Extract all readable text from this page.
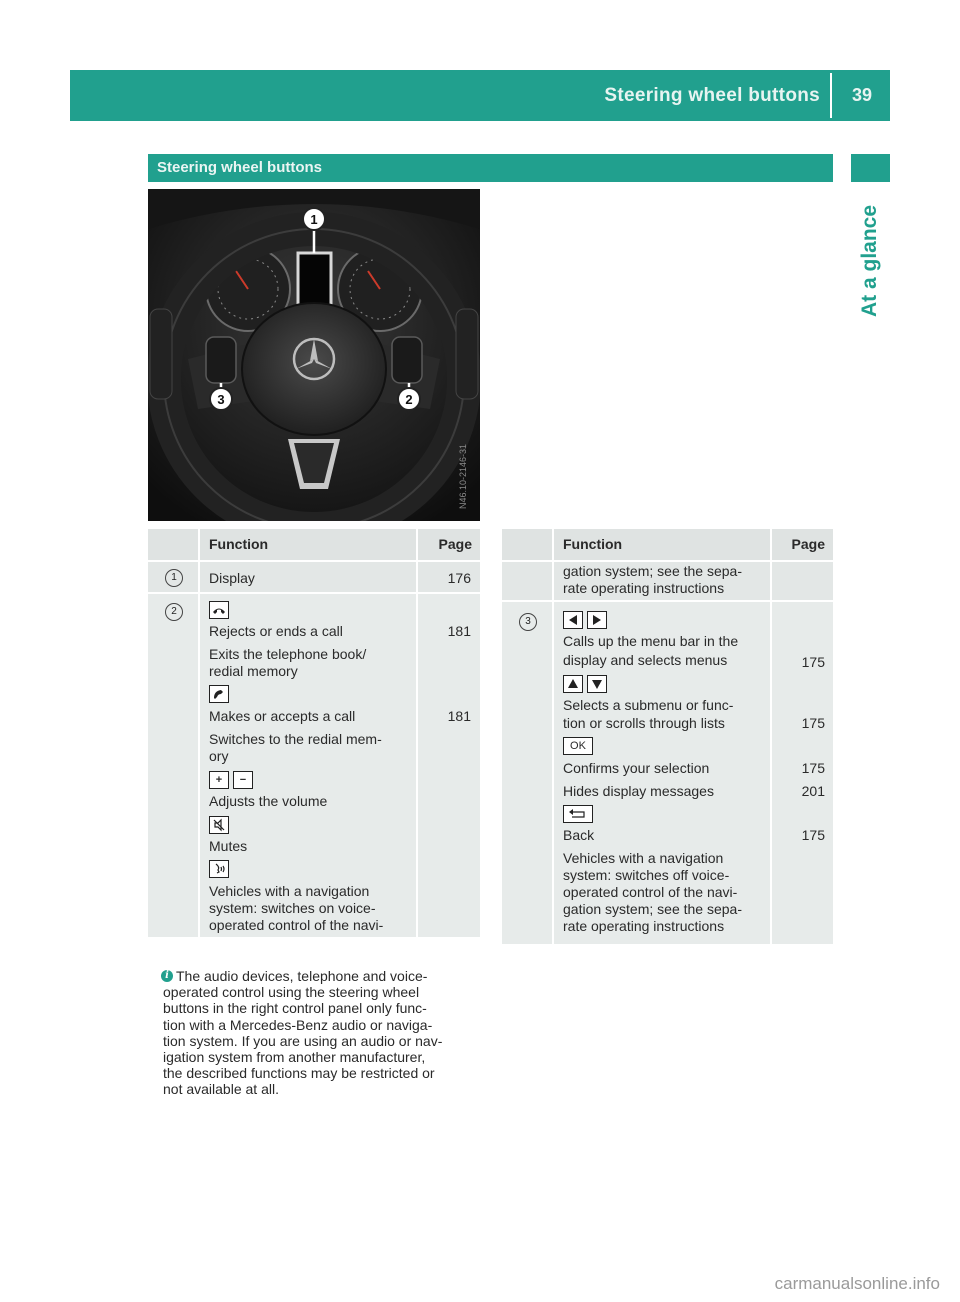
Steering wheel buttons 39
At a glance
Steering wheel buttons
1
3	2
N46.10-2146-31
Function	Page
1	Display	176
2
Rejects or ends a call	181
Exits the telephone book/
redial memory
Makes or accepts a call	181
Switches to the redial mem-
ory
+	−
Adjusts the volume
Mutes
Vehicles with a navigation
system: switches on voice-
operated control of the navi-
Function	Page
gation system; see the sepa-
rate operating instructions
3
Calls up the menu bar in the
display and selects menus	175
Selects a submenu or func-
tion or scrolls through lists	175
OK
Confirms your selection	175
Hides display messages	201
Back	175
Vehicles with a navigation
system: switches off voice-
operated control of the navi-
gation system; see the sepa-
rate operating instructions
i The audio devices, telephone and voice-
operated control using the steering wheel
buttons in the right control panel only func-
tion with a Mercedes-Benz audio or naviga-
tion system. If you are using an audio or nav-
igation system from another manufacturer,
the described functions may be restricted or
not available at all.
carmanualsonline.info
